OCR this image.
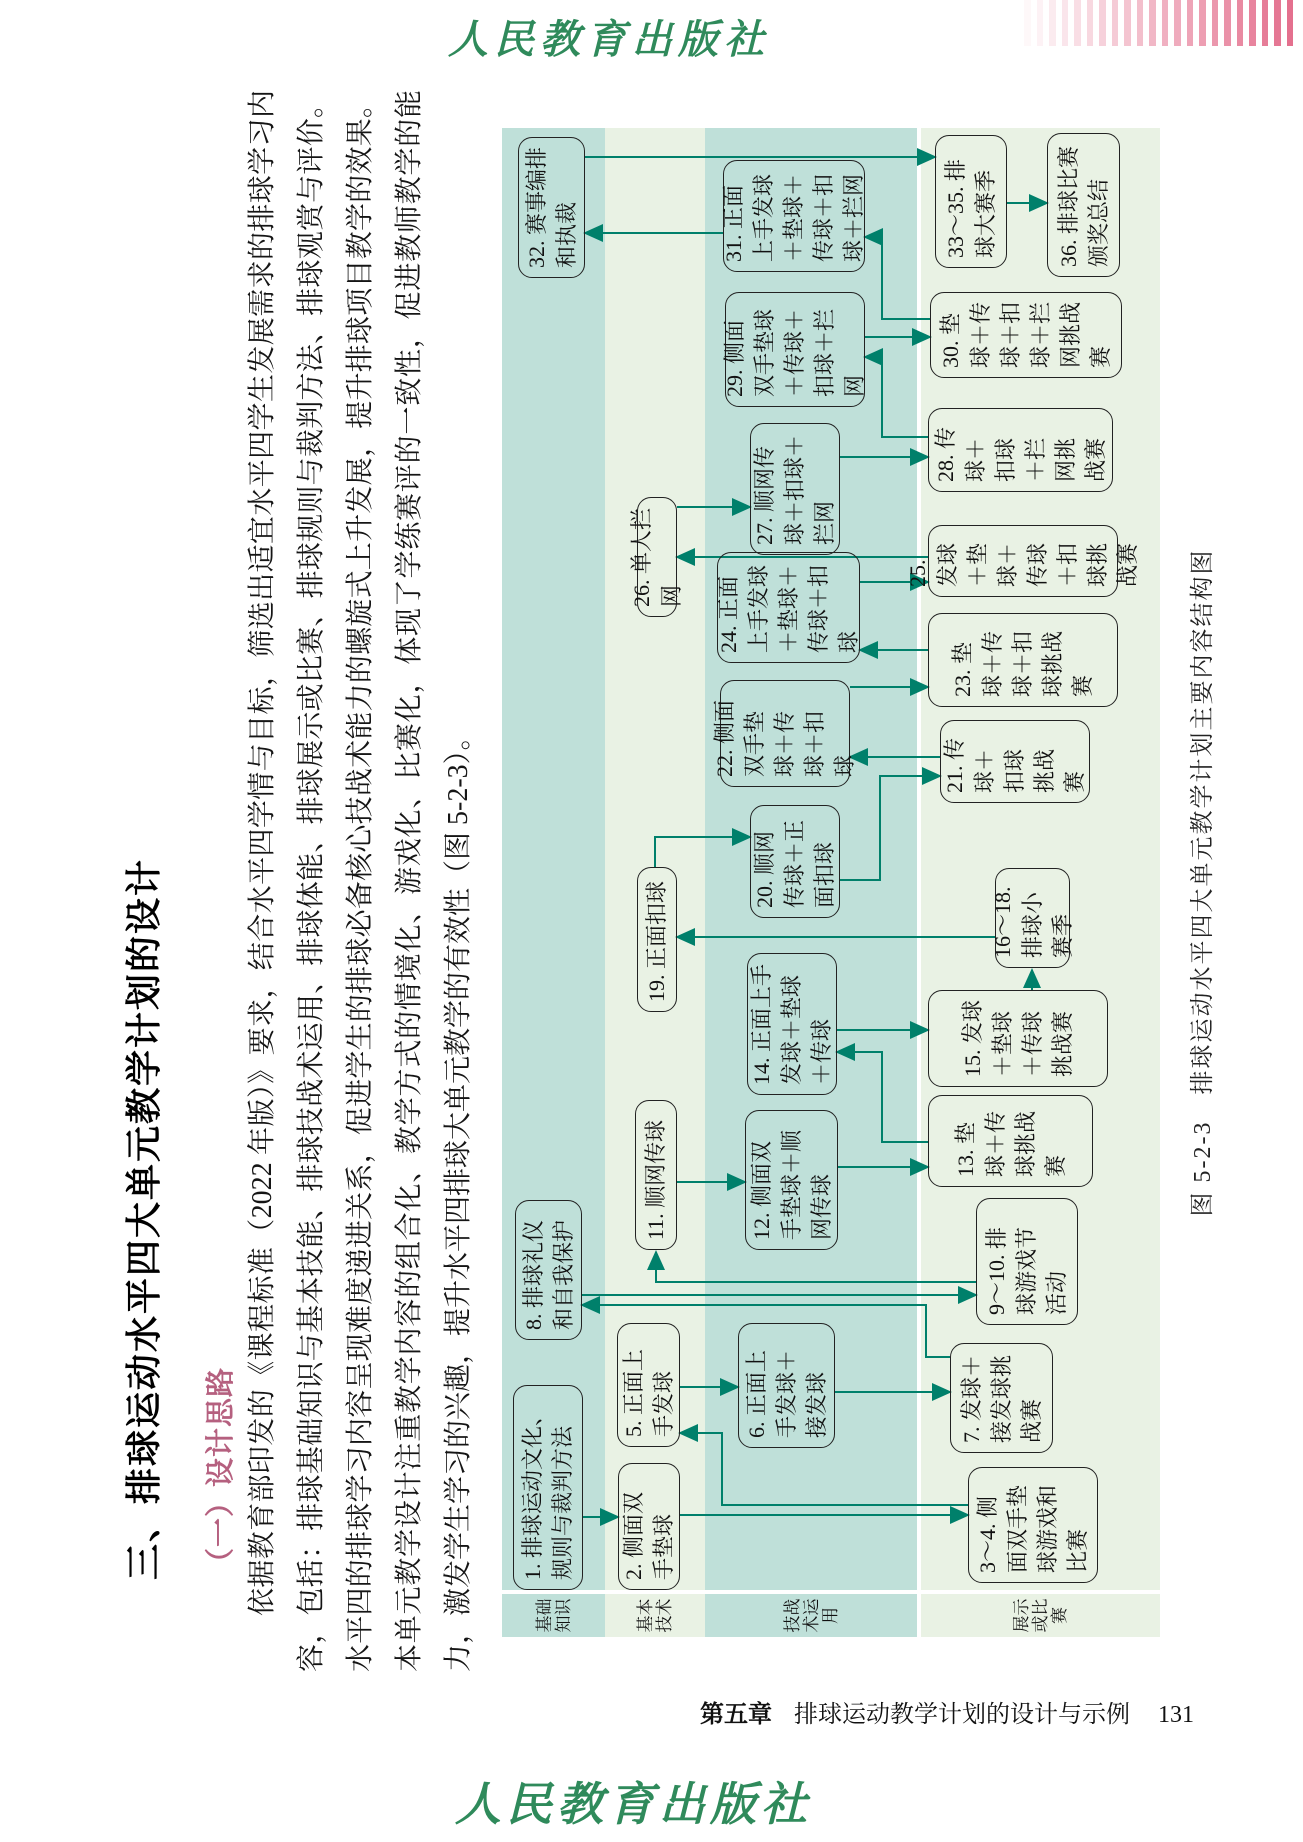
人民教育出版社
三、排球运动水平四大单元教学计划的设计 （一）设计思路 依据教育部印发的《课程标准（2022 年版）》要求，结合水平四学情与目标，筛选出适宜水平四学生发展需求的排球学习内容，包括：排球基础知识与基本技能、排球技战术运用、排球体能、排球展示或比赛、排球规则与裁判方法、排球观赏与评价。水平四的排球学习内容呈现难度递进关系，促进学生的排球必备核心技战术能力的螺旋式上升发展，提升排球项目教学的效果。本单元教学设计注重教学内容的组合化、教学方式的情境化、游戏化、比赛化，体现了学练赛评的一致性，促进教师教学的能力，激发学生学习的兴趣，提升水平四排球大单元教学的有效性（图 5-2-3）。	基础知识	基本技术	技战术运用	展示或比赛
1. 排球运动文化、规则与裁判方法
8. 排球礼仪和自我保护
32. 赛事编排和执裁
2. 侧面双手垫球
5. 正面上手发球
11. 顺网传球
19. 正面扣球
26. 单人拦网
6. 正面上手发球＋接发球
12. 侧面双手垫球＋顺网传球
14. 正面上手发球＋垫球＋传球
20. 顺网传球＋正面扣球
22. 侧面双手垫球＋传球＋扣球
24. 正面上手发球＋垫球＋传球＋扣球
27. 顺网传球＋扣球＋拦网
29. 侧面双手垫球＋传球＋扣球＋拦网
31. 正面上手发球＋垫球＋传球＋扣球＋拦网
3～4. 侧面双手垫球游戏和比赛
7. 发球＋接发球挑战赛
9～10. 排球游戏节活动
13. 垫球＋传球挑战赛
15. 发球＋垫球＋传球挑战赛
16～18. 排球小赛季
21. 传球＋扣球挑战赛
23. 垫球＋传球＋扣球挑战赛
25. 发球＋垫球＋传球＋扣球挑战赛
28. 传球＋扣球＋拦网挑战赛
30. 垫球＋传球＋扣球＋拦网挑战赛
33～35. 排球大赛季	36. 排球比赛颁奖总结
图 5-2-3　排球运动水平四大单元教学计划主要内容结构图
第五章 排球运动教学计划的设计与示例 131
人民教育出版社
